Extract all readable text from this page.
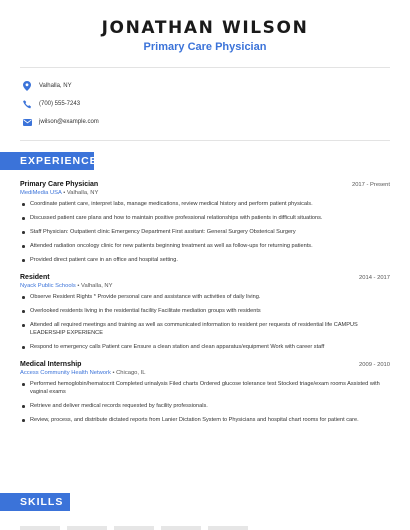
JONATHAN WILSON
Primary Care Physician
Valhalla, NY
(700) 555-7243
jwilson@example.com
EXPERIENCE
Primary Care Physician	2017 - Present
MediMedia USA • Valhalla, NY
Coordinate patient care, interpret labs, manage medications, review medical history and perform patient physicals.
Discussed patient care plans and how to maintain positive professional relationships with patients in difficult situations.
Staff Physician: Outpatient clinic Emergency Department First assitant: General Surgery Obsterical Surgery
Attended radiation oncology clinic for new patients beginning treatment as well as follow-ups for returning patients.
Provided direct patient care in an office and hospital setting.
Resident	2014 - 2017
Nyack Public Schools • Valhalla, NY
Observe Resident Rights * Provide personal care and assistance with activities of daily living.
Overlooked residents living in the residential facility Facilitate mediation groups with residents
Attended all required meetings and training as well as communicated information to resident per requests of residential life CAMPUS LEADERSHIP EXPERIENCE
Respond to emergency calls Patient care Ensure a clean station and clean apparatus/equipment Work with career staff
Medical Internship	2009 - 2010
Access Community Health Network • Chicago, IL
Performed hemoglobin/hematocrit Completed urinalysis Filed charts Ordered glucose tolerance test Stocked triage/exam rooms Assisted with vaginal exams
Retrieve and deliver medical records requested by facility professionals.
Review, process, and distribute dictated reports from Lanier Dictation System to Physicians and hospital chart rooms for patient care.
SKILLS
